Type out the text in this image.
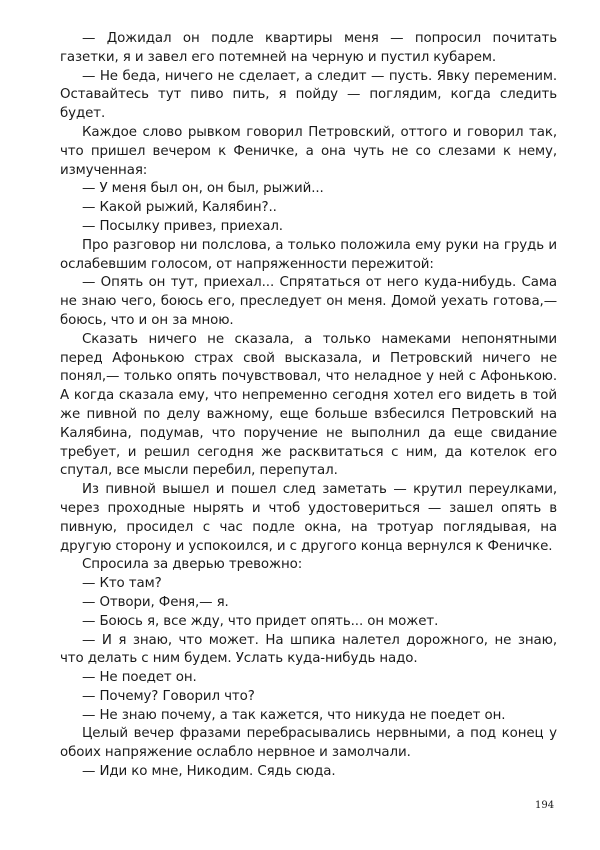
— Дожидал он подле квартиры меня — попросил почитать газетки, я и завел его потемней на черную и пустил кубарем.

— Не беда, ничего не сделает, а следит — пусть. Явку переменим. Оставайтесь тут пиво пить, я пойду — поглядим, когда следить будет.

Каждое слово рывком говорил Петровский, оттого и говорил так, что пришел вечером к Феничке, а она чуть не со слезами к нему, измученная:

— У меня был он, он был, рыжий...

— Какой рыжий, Калябин?..

— Посылку привез, приехал.

Про разговор ни полслова, а только положила ему руки на грудь и ослабевшим голосом, от напряженности пережитой:

— Опять он тут, приехал... Спрятаться от него куда-нибудь. Сама не знаю чего, боюсь его, преследует он меня. Домой уехать готова,— боюсь, что и он за мною.

Сказать ничего не сказала, а только намеками непонятными перед Афонькою страх свой высказала, и Петровский ничего не понял,— только опять почувствовал, что неладное у ней с Афонькою. А когда сказала ему, что непременно сегодня хотел его видеть в той же пивной по делу важному, еще больше взбесился Петровский на Калябина, подумав, что поручение не выполнил да еще свидание требует, и решил сегодня же расквитаться с ним, да котелок его спутал, все мысли перебил, перепутал.

Из пивной вышел и пошел след заметать — крутил переулками, через проходные нырять и чтоб удостовериться — зашел опять в пивную, просидел с час подле окна, на тротуар поглядывая, на другую сторону и успокоился, и с другого конца вернулся к Феничке.

Спросила за дверью тревожно:

— Кто там?

— Отвори, Феня,— я.

— Боюсь я, все жду, что придет опять... он может.

— И я знаю, что может. На шпика налетел дорожного, не знаю, что делать с ним будем. Услать куда-нибудь надо.

— Не поедет он.

— Почему? Говорил что?

— Не знаю почему, а так кажется, что никуда не поедет он.

Целый вечер фразами перебрасывались нервными, а под конец у обоих напряжение ослабло нервное и замолчали.

— Иди ко мне, Никодим. Сядь сюда.

194
